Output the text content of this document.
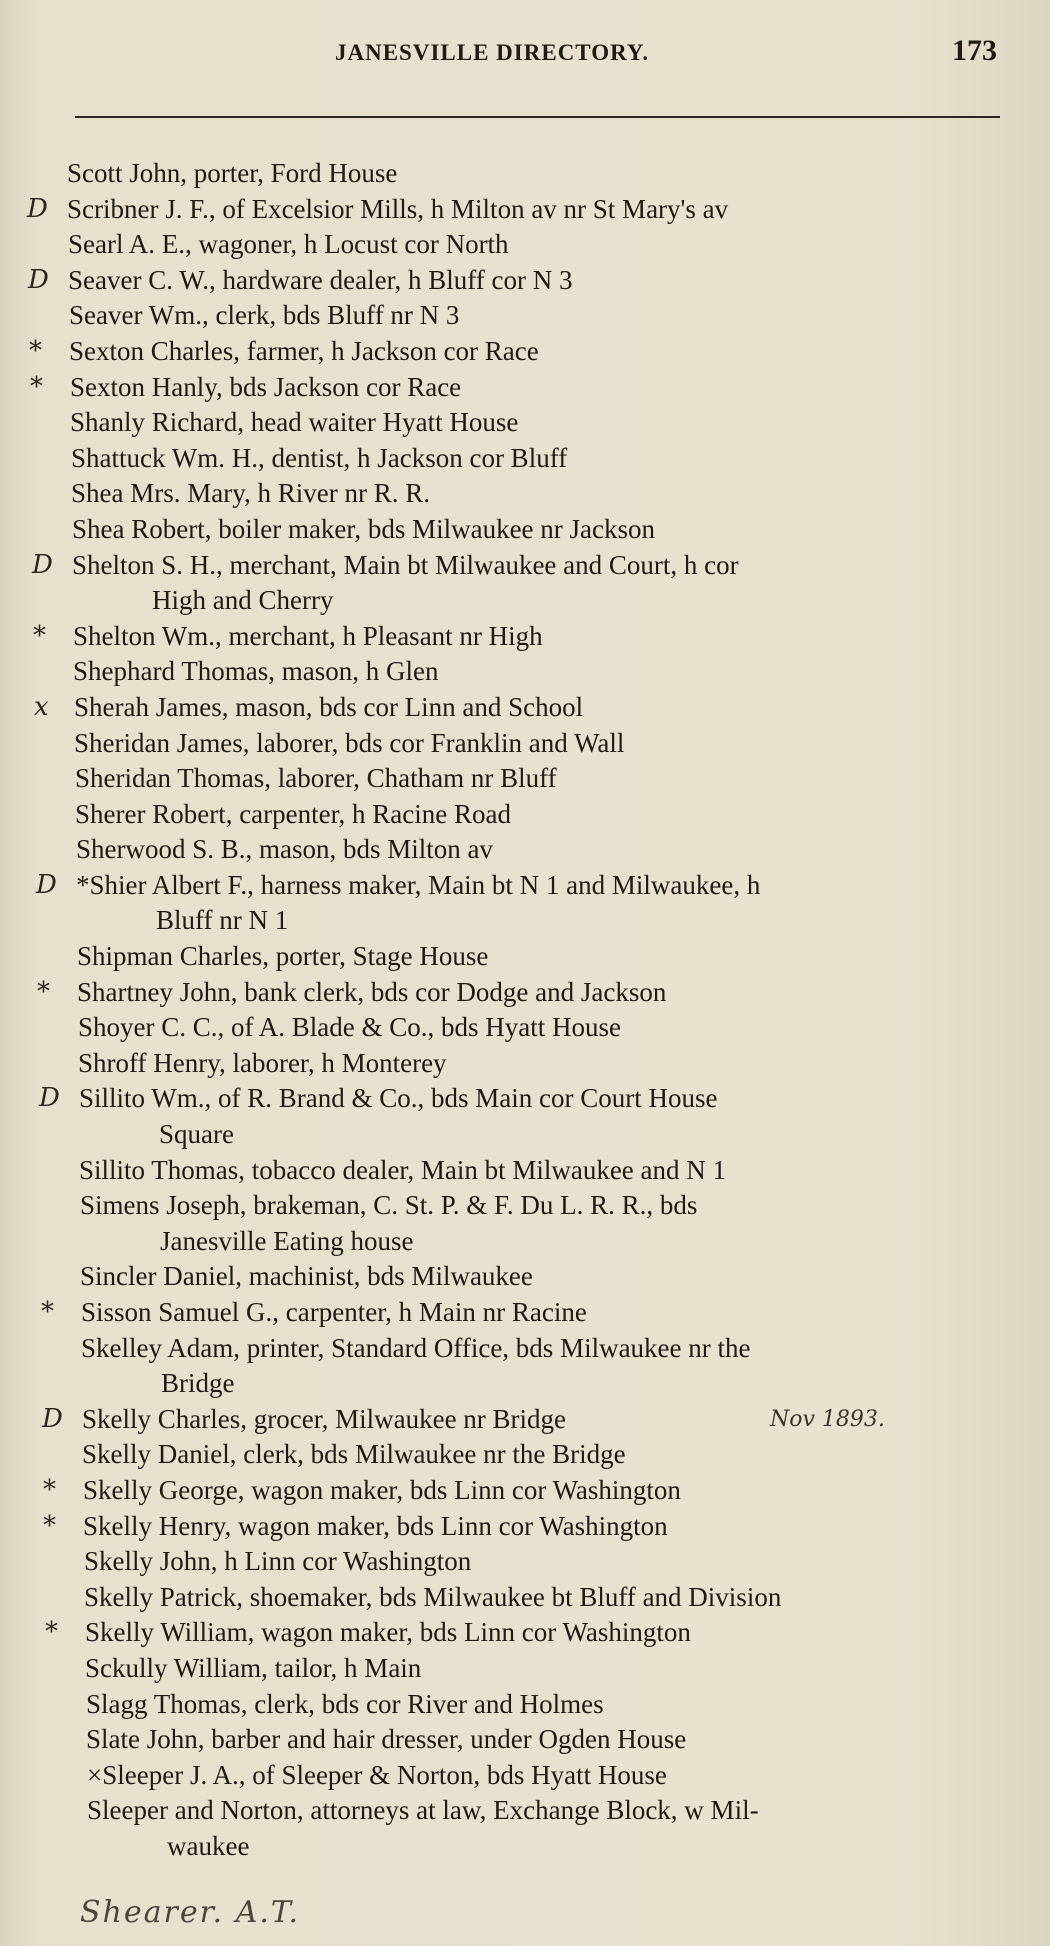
JANESVILLE DIRECTORY.	173
Scott John, porter, Ford House
D Scribner J. F., of Excelsior Mills, h Milton av nr St Mary's av
Searl A. E., wagoner, h Locust cor North
D Seaver C. W., hardware dealer, h Bluff cor N 3
Seaver Wm., clerk, bds Bluff nr N 3
* Sexton Charles, farmer, h Jackson cor Race
* Sexton Hanly, bds Jackson cor Race
Shanly Richard, head waiter Hyatt House
Shattuck Wm. H., dentist, h Jackson cor Bluff
Shea Mrs. Mary, h River nr R. R.
Shea Robert, boiler maker, bds Milwaukee nr Jackson
D Shelton S. H., merchant, Main bt Milwaukee and Court, h cor
High and Cherry
* Shelton Wm., merchant, h Pleasant nr High
Shephard Thomas, mason, h Glen
x Sherah James, mason, bds cor Linn and School
Sheridan James, laborer, bds cor Franklin and Wall
Sheridan Thomas, laborer, Chatham nr Bluff
Sherer Robert, carpenter, h Racine Road
Sherwood S. B., mason, bds Milton av
D *Shier Albert F., harness maker, Main bt N 1 and Milwaukee, h
Bluff nr N 1
Shipman Charles, porter, Stage House
* Shartney John, bank clerk, bds cor Dodge and Jackson
Shoyer C. C., of A. Blade & Co., bds Hyatt House
Shroff Henry, laborer, h Monterey
D Sillito Wm., of R. Brand & Co., bds Main cor Court House
Square
Sillito Thomas, tobacco dealer, Main bt Milwaukee and N 1
Simens Joseph, brakeman, C. St. P. & F. Du L. R. R., bds
Janesville Eating house
Sincler Daniel, machinist, bds Milwaukee
* Sisson Samuel G., carpenter, h Main nr Racine
Skelley Adam, printer, Standard Office, bds Milwaukee nr the
Bridge
D Skelly Charles, grocer, Milwaukee nr Bridge	Nov 1893.
Skelly Daniel, clerk, bds Milwaukee nr the Bridge
* Skelly George, wagon maker, bds Linn cor Washington
* Skelly Henry, wagon maker, bds Linn cor Washington
Skelly John, h Linn cor Washington
Skelly Patrick, shoemaker, bds Milwaukee bt Bluff and Division
* Skelly William, wagon maker, bds Linn cor Washington
Sckully William, tailor, h Main
Slagg Thomas, clerk, bds cor River and Holmes
Slate John, barber and hair dresser, under Ogden House
×Sleeper J. A., of Sleeper & Norton, bds Hyatt House
Sleeper and Norton, attorneys at law, Exchange Block, w Mil-
waukee
Shearer. A.T.
